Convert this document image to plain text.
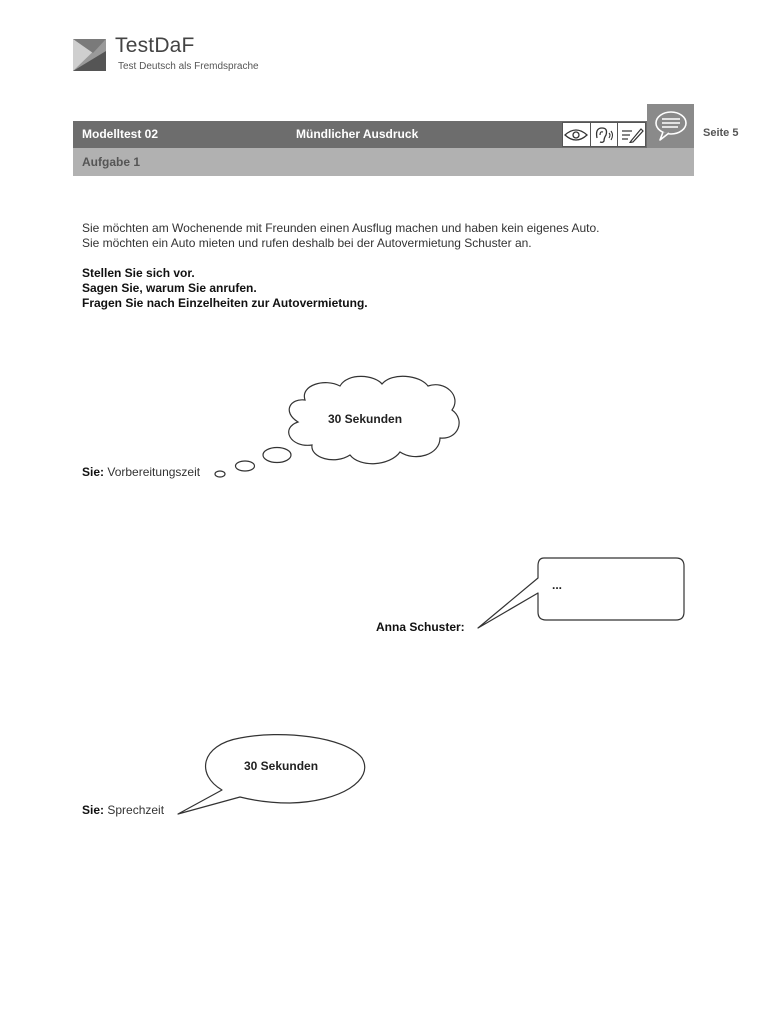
TestDaF
Test Deutsch als Fremdsprache
Modelltest 02	Mündlicher Ausdruck
Aufgabe 1
Seite 5
Sie möchten am Wochenende mit Freunden einen Ausflug machen und haben kein eigenes Auto.
Sie möchten ein Auto mieten und rufen deshalb bei der Autovermietung Schuster an.
Stellen Sie sich vor.
Sagen Sie, warum Sie anrufen.
Fragen Sie nach Einzelheiten zur Autovermietung.
30 Sekunden
Sie: Vorbereitungszeit
...
Anna Schuster:
30 Sekunden
Sie: Sprechzeit
